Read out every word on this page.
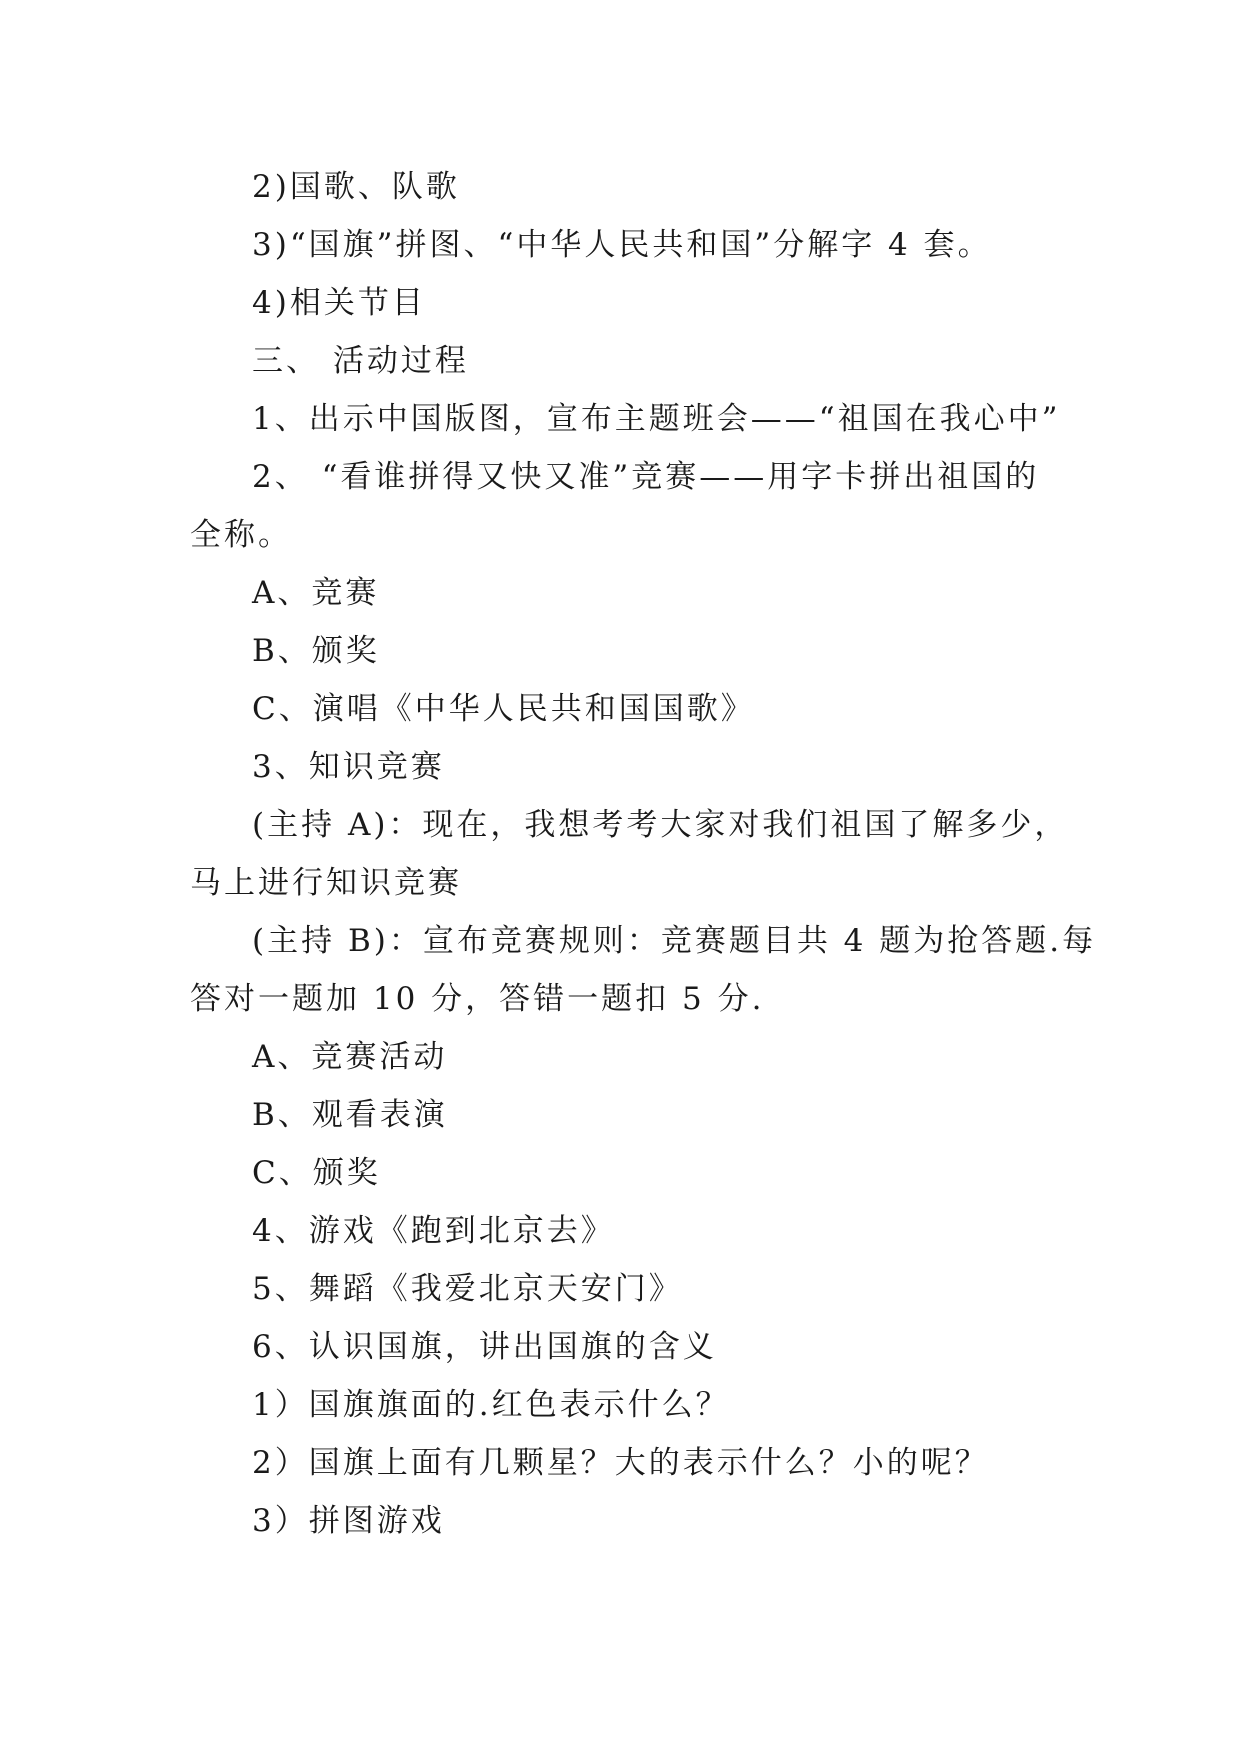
2)国歌、队歌
3)“国旗”拼图、“中华人民共和国”分解字 4 套。
4)相关节目
三、 活动过程
1、出示中国版图，宣布主题班会——“祖国在我心中”
2、 “看谁拼得又快又准”竞赛——用字卡拼出祖国的
全称。
A、竞赛
B、颁奖
C、演唱《中华人民共和国国歌》
3、知识竞赛
(主持 A)：现在，我想考考大家对我们祖国了解多少，
马上进行知识竞赛
(主持 B)：宣布竞赛规则：竞赛题目共 4 题为抢答题.每
答对一题加 10 分，答错一题扣 5 分.
A、竞赛活动
B、观看表演
C、颁奖
4、游戏《跑到北京去》
5、舞蹈《我爱北京天安门》
6、认识国旗，讲出国旗的含义
1）国旗旗面的.红色表示什么？
2）国旗上面有几颗星？大的表示什么？小的呢？
3）拼图游戏
